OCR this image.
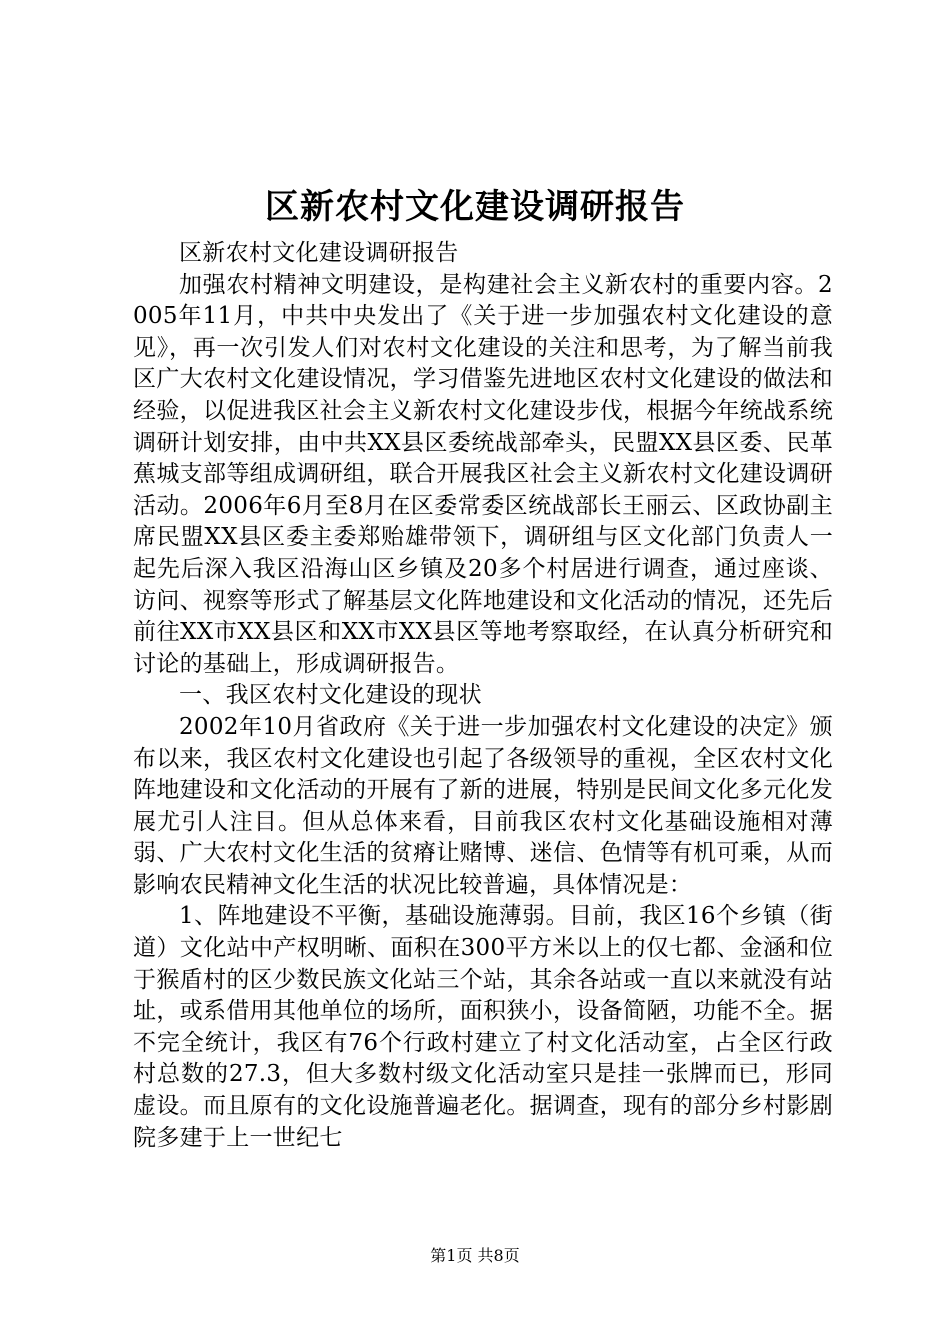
区新农村文化建设调研报告

区新农村文化建设调研报告

加强农村精神文明建设，是构建社会主义新农村的重要内容。2005年11月，中共中央发出了《关于进一步加强农村文化建设的意见》，再一次引发人们对农村文化建设的关注和思考，为了解当前我区广大农村文化建设情况，学习借鉴先进地区农村文化建设的做法和经验，以促进我区社会主义新农村文化建设步伐，根据今年统战系统调研计划安排，由中共XX县区委统战部牵头，民盟XX县区委、民革蕉城支部等组成调研组，联合开展我区社会主义新农村文化建设调研活动。2006年6月至8月在区委常委区统战部长王丽云、区政协副主席民盟XX县区委主委郑贻雄带领下，调研组与区文化部门负责人一起先后深入我区沿海山区乡镇及20多个村居进行调查，通过座谈、访问、视察等形式了解基层文化阵地建设和文化活动的情况，还先后前往XX市XX县区和XX市XX县区等地考察取经，在认真分析研究和讨论的基础上，形成调研报告。

一、我区农村文化建设的现状

2002年10月省政府《关于进一步加强农村文化建设的决定》颁布以来，我区农村文化建设也引起了各级领导的重视，全区农村文化阵地建设和文化活动的开展有了新的进展，特别是民间文化多元化发展尤引人注目。但从总体来看，目前我区农村文化基础设施相对薄弱、广大农村文化生活的贫瘠让赌博、迷信、色情等有机可乘，从而影响农民精神文化生活的状况比较普遍，具体情况是：

1、阵地建设不平衡，基础设施薄弱。目前，我区16个乡镇（街道）文化站中产权明晰、面积在300平方米以上的仅七都、金涵和位于猴盾村的区少数民族文化站三个站，其余各站或一直以来就没有站址，或系借用其他单位的场所，面积狭小，设备简陋，功能不全。据不完全统计，我区有76个行政村建立了村文化活动室，占全区行政村总数的27.3，但大多数村级文化活动室只是挂一张牌而已，形同虚设。而且原有的文化设施普遍老化。据调查，现有的部分乡村影剧院多建于上一世纪七

第1页 共8页
